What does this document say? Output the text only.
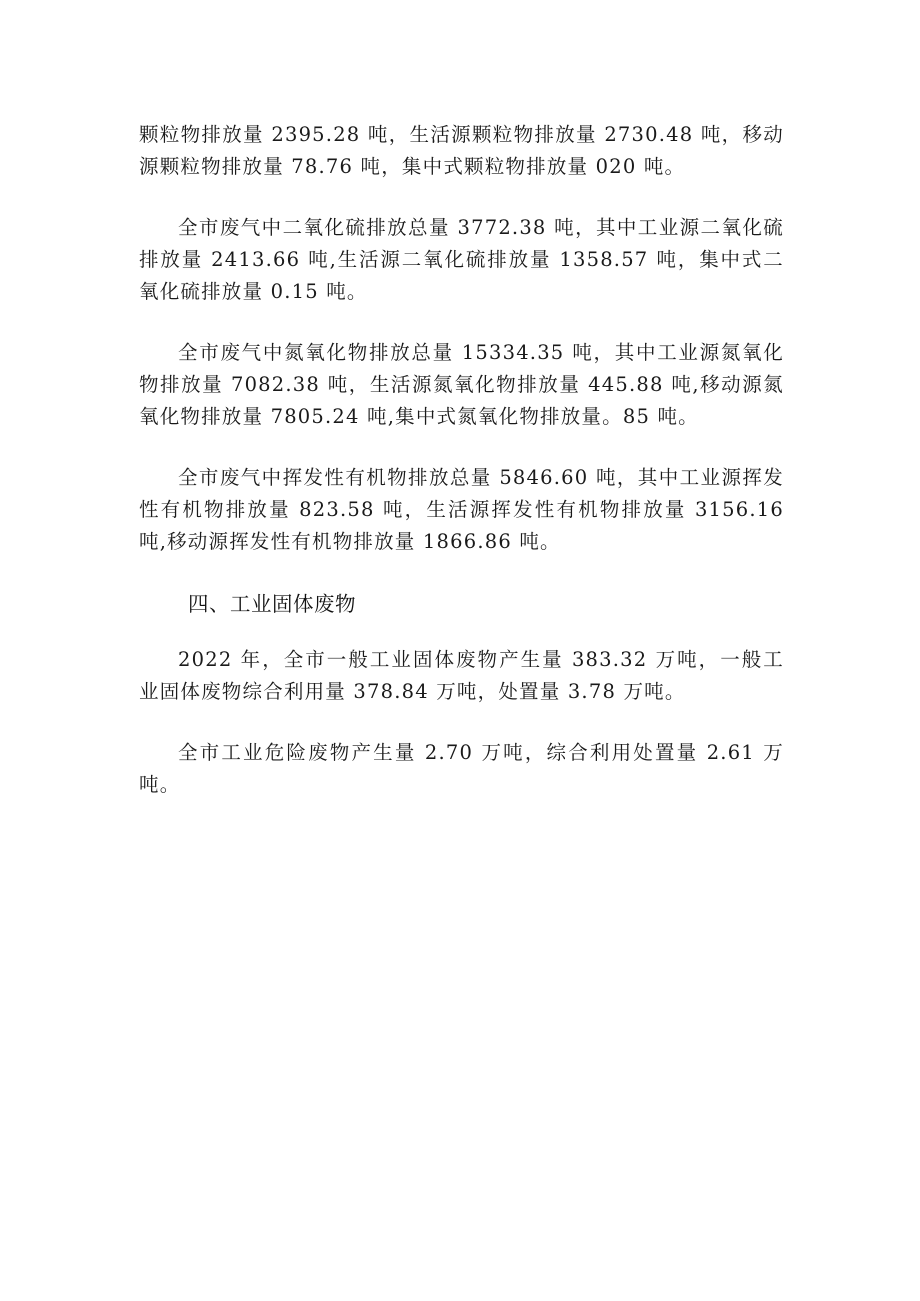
颗粒物排放量 2395.28 吨，生活源颗粒物排放量 2730.48 吨，移动源颗粒物排放量 78.76 吨，集中式颗粒物排放量 020 吨。

全市废气中二氧化硫排放总量 3772.38 吨，其中工业源二氧化硫排放量 2413.66 吨,生活源二氧化硫排放量 1358.57 吨，集中式二氧化硫排放量 0.15 吨。

全市废气中氮氧化物排放总量 15334.35 吨，其中工业源氮氧化物排放量 7082.38 吨，生活源氮氧化物排放量 445.88 吨,移动源氮氧化物排放量 7805.24 吨,集中式氮氧化物排放量。85 吨。

全市废气中挥发性有机物排放总量 5846.60 吨，其中工业源挥发性有机物排放量 823.58 吨，生活源挥发性有机物排放量 3156.16 吨,移动源挥发性有机物排放量 1866.86 吨。

四、工业固体废物

2022 年，全市一般工业固体废物产生量 383.32 万吨，一般工业固体废物综合利用量 378.84 万吨，处置量 3.78 万吨。

全市工业危险废物产生量 2.70 万吨，综合利用处置量 2.61 万吨。
